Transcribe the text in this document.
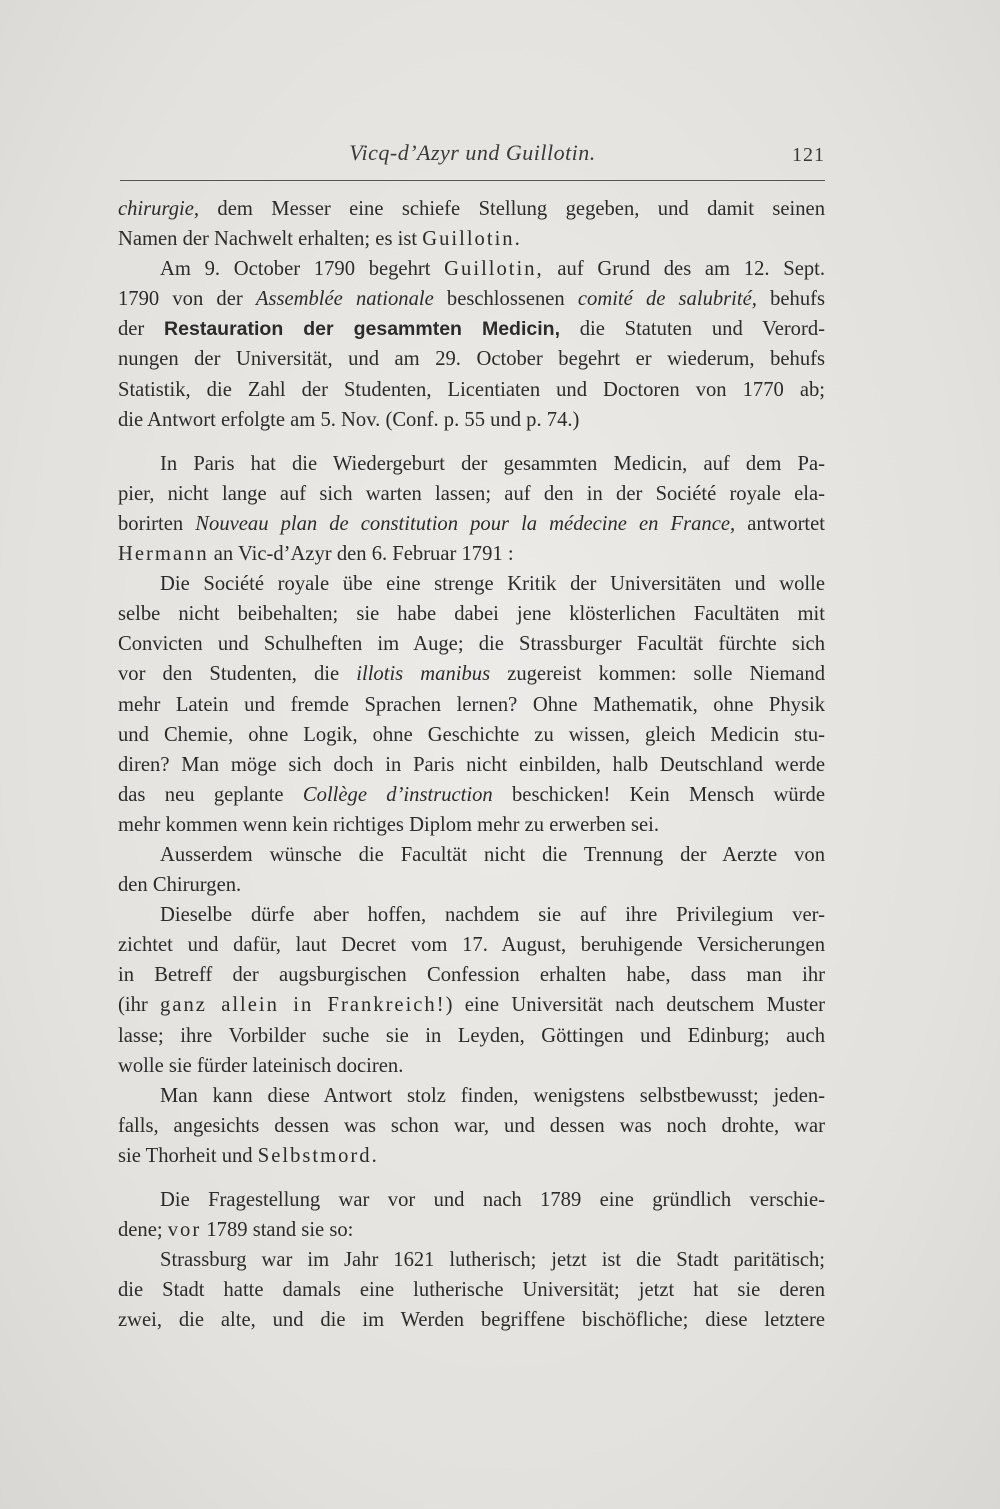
Vicq-d’Azyr und Guillotin.	121
chirurgie, dem Messer eine schiefe Stellung gegeben, und damit seinen
Namen der Nachwelt erhalten; es ist Guillotin.
Am 9. October 1790 begehrt Guillotin, auf Grund des am 12. Sept.
1790 von der Assemblée nationale beschlossenen comité de salubrité, behufs
der Restauration der gesammten Medicin, die Statuten und Verord-
nungen der Universität, und am 29. October begehrt er wiederum, behufs
Statistik, die Zahl der Studenten, Licentiaten und Doctoren von 1770 ab;
die Antwort erfolgte am 5. Nov. (Conf. p. 55 und p. 74.)
In Paris hat die Wiedergeburt der gesammten Medicin, auf dem Pa-
pier, nicht lange auf sich warten lassen; auf den in der Société royale ela-
borirten Nouveau plan de constitution pour la médecine en France, antwortet
Hermann an Vic-d’Azyr den 6. Februar 1791 :
Die Société royale übe eine strenge Kritik der Universitäten und wolle
selbe nicht beibehalten; sie habe dabei jene klösterlichen Facultäten mit
Convicten und Schulheften im Auge; die Strassburger Facultät fürchte sich
vor den Studenten, die illotis manibus zugereist kommen: solle Niemand
mehr Latein und fremde Sprachen lernen? Ohne Mathematik, ohne Physik
und Chemie, ohne Logik, ohne Geschichte zu wissen, gleich Medicin stu-
diren? Man möge sich doch in Paris nicht einbilden, halb Deutschland werde
das neu geplante Collège d’instruction beschicken! Kein Mensch würde
mehr kommen wenn kein richtiges Diplom mehr zu erwerben sei.
Ausserdem wünsche die Facultät nicht die Trennung der Aerzte von
den Chirurgen.
Dieselbe dürfe aber hoffen, nachdem sie auf ihre Privilegium ver-
zichtet und dafür, laut Decret vom 17. August, beruhigende Versicherungen
in Betreff der augsburgischen Confession erhalten habe, dass man ihr
(ihr ganz allein in Frankreich!) eine Universität nach deutschem Muster
lasse; ihre Vorbilder suche sie in Leyden, Göttingen und Edinburg; auch
wolle sie fürder lateinisch dociren.
Man kann diese Antwort stolz finden, wenigstens selbstbewusst; jeden-
falls, angesichts dessen was schon war, und dessen was noch drohte, war
sie Thorheit und Selbstmord.
Die Fragestellung war vor und nach 1789 eine gründlich verschie-
dene; vor 1789 stand sie so:
Strassburg war im Jahr 1621 lutherisch; jetzt ist die Stadt paritätisch;
die Stadt hatte damals eine lutherische Universität; jetzt hat sie deren
zwei, die alte, und die im Werden begriffene bischöfliche; diese letztere
